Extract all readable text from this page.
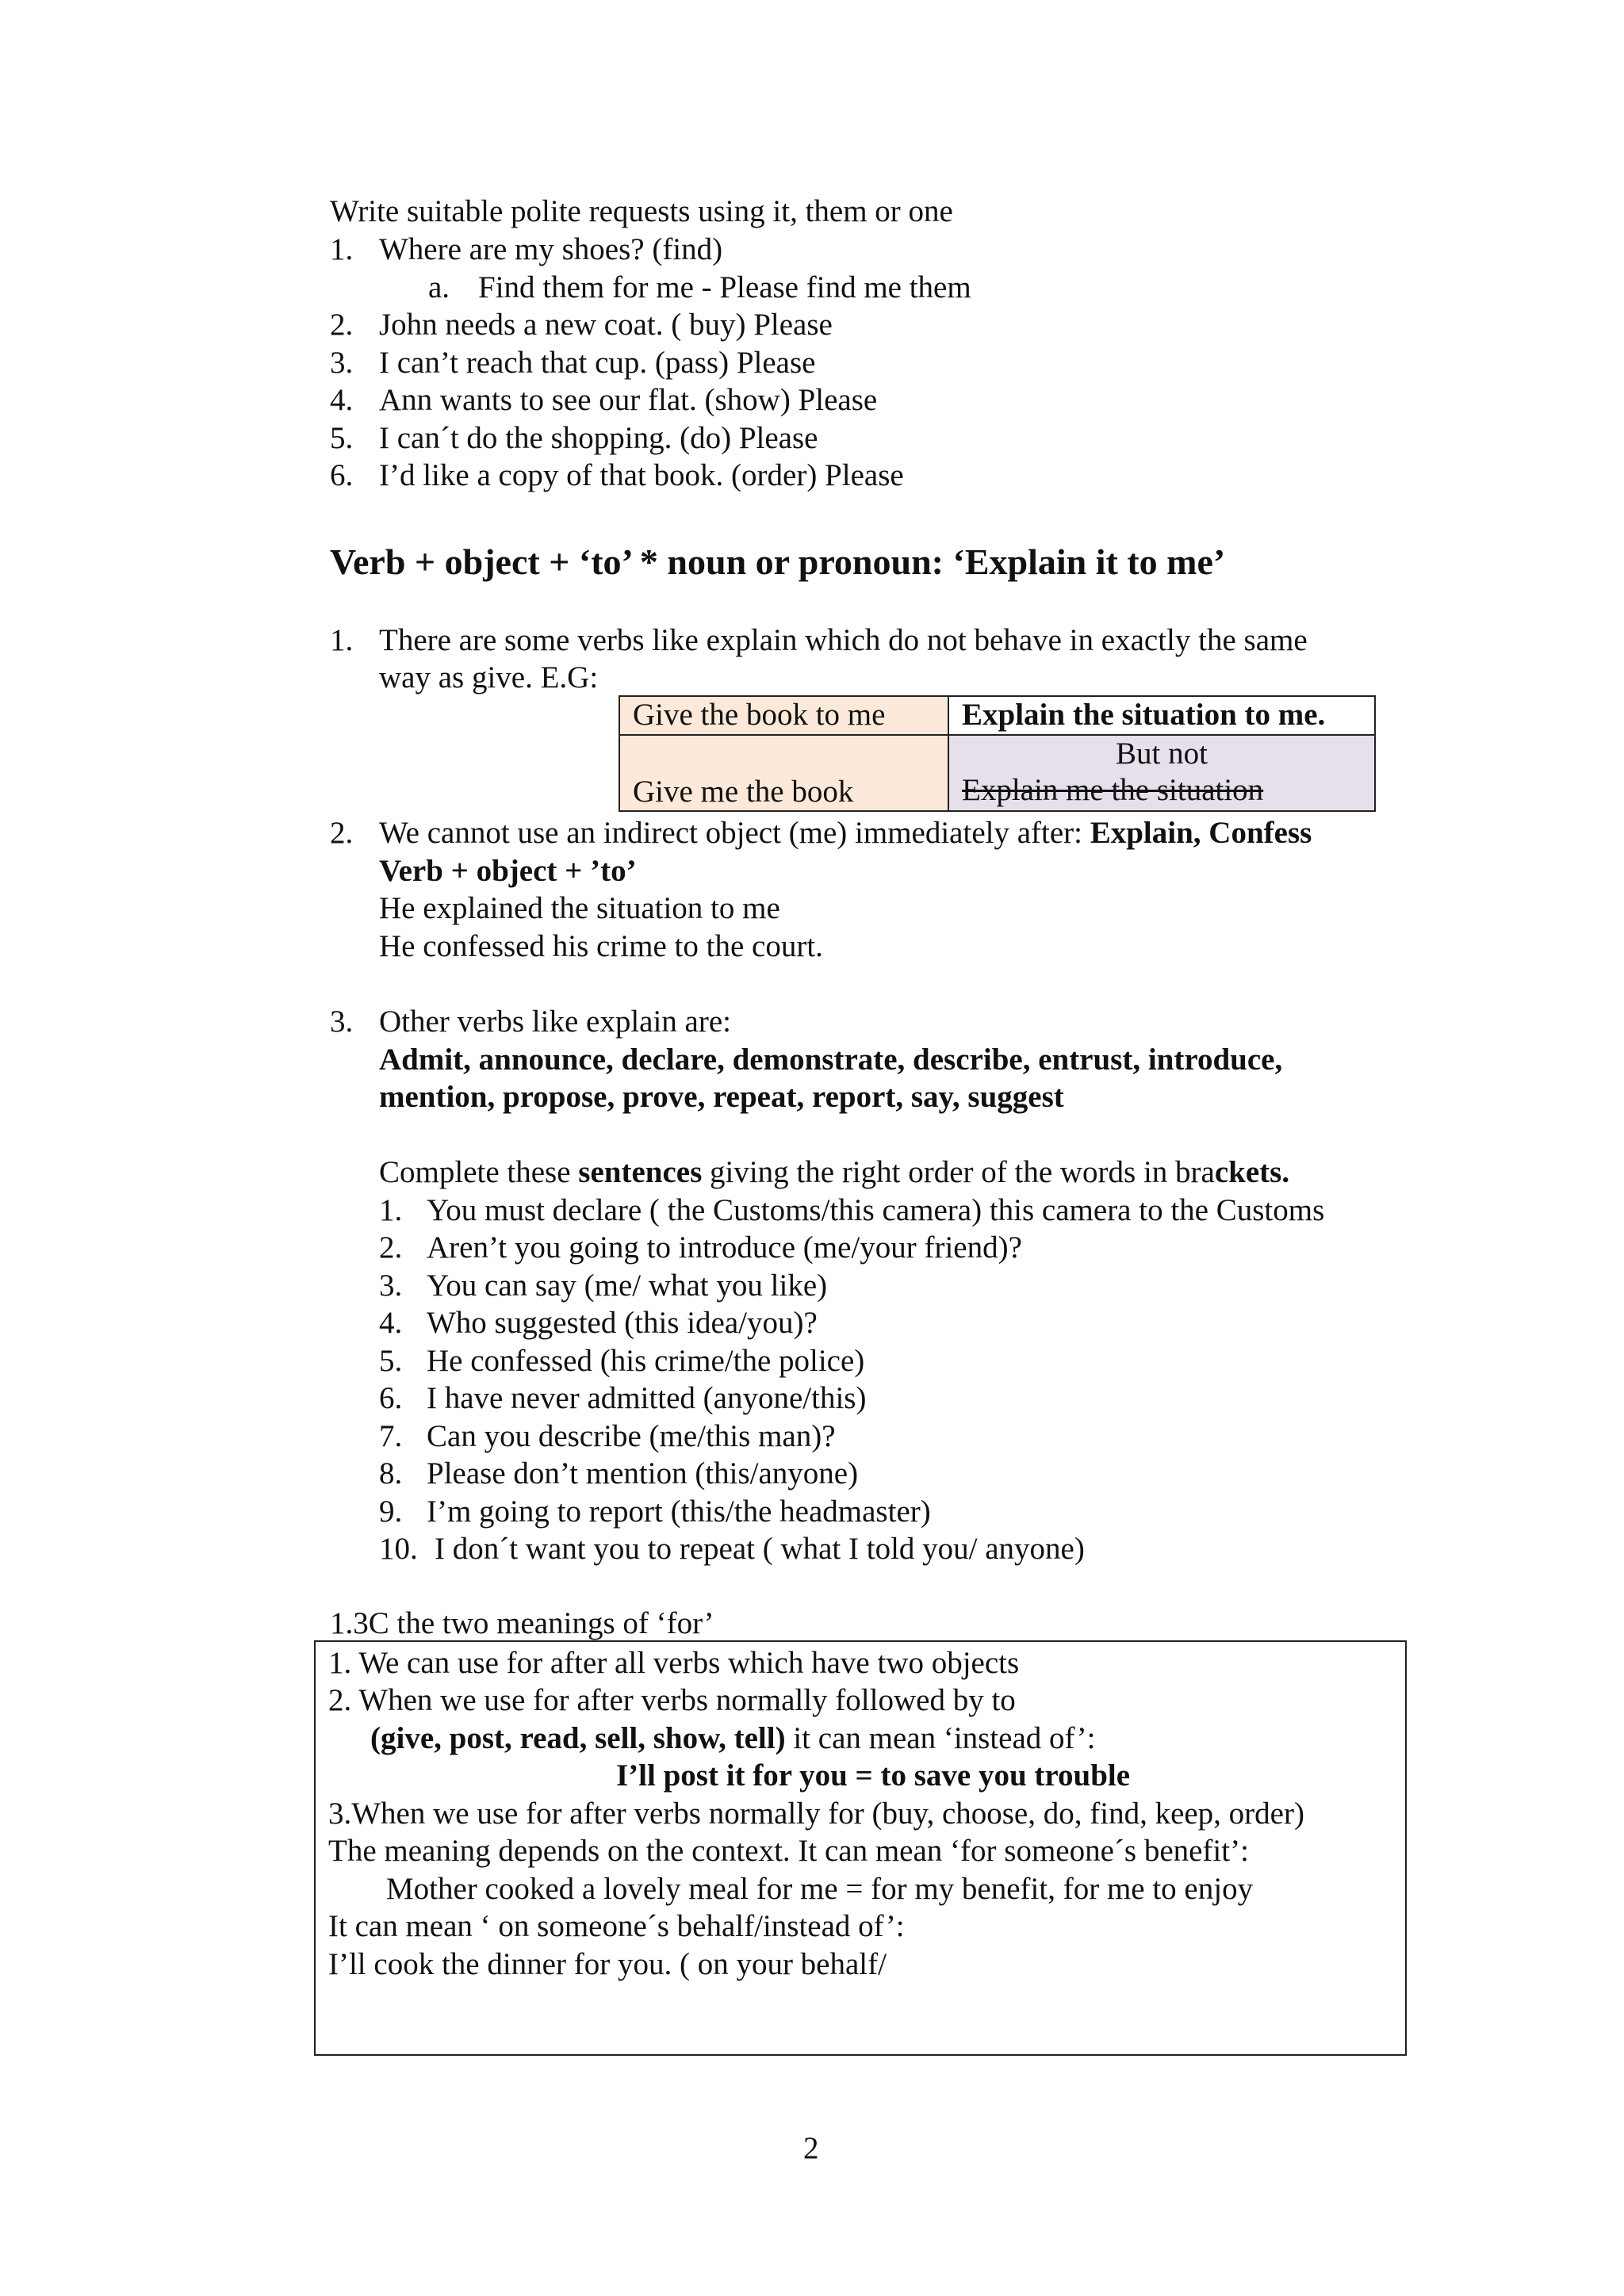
Write suitable polite requests using it, them or one
1. Where are my shoes? (find)
a. Find them for me - Please find me them
2. John needs a new coat. ( buy) Please
3. I can’t reach that cup. (pass) Please
4. Ann wants to see our flat. (show) Please
5. I can´t do the shopping. (do) Please
6. I’d like a copy of that book. (order) Please
Verb + object + ‘to’ * noun or pronoun: ‘Explain it to me’
1. There are some verbs like explain which do not behave in exactly the same
way as give. E.G:
Give the book to me	Explain the situation to me.
Give me the book	But not
Explain me the situation
2. We cannot use an indirect object (me) immediately after: Explain, Confess
Verb + object + ’to’
He explained the situation to me
He confessed his crime to the court.
3. Other verbs like explain are:
Admit, announce, declare, demonstrate, describe, entrust, introduce,
mention, propose, prove, repeat, report, say, suggest
Complete these sentences giving the right order of the words in brackets.
1. You must declare ( the Customs/this camera) this camera to the Customs
2. Aren’t you going to introduce (me/your friend)?
3. You can say (me/ what you like)
4. Who suggested (this idea/you)?
5. He confessed (his crime/the police)
6. I have never admitted (anyone/this)
7. Can you describe (me/this man)?
8. Please don’t mention (this/anyone)
9. I’m going to report (this/the headmaster)
10. I don´t want you to repeat ( what I told you/ anyone)
1.3C the two meanings of ‘for’
1. We can use for after all verbs which have two objects
2. When we use for after verbs normally followed by to
(give, post, read, sell, show, tell) it can mean ‘instead of’:
I’ll post it for you = to save you trouble
3.When we use for after verbs normally for (buy, choose, do, find, keep, order)
The meaning depends on the context. It can mean ‘for someone´s benefit’:
Mother cooked a lovely meal for me = for my benefit, for me to enjoy
It can mean ‘ on someone´s behalf/instead of’:
I’ll cook the dinner for you. ( on your behalf/
2
